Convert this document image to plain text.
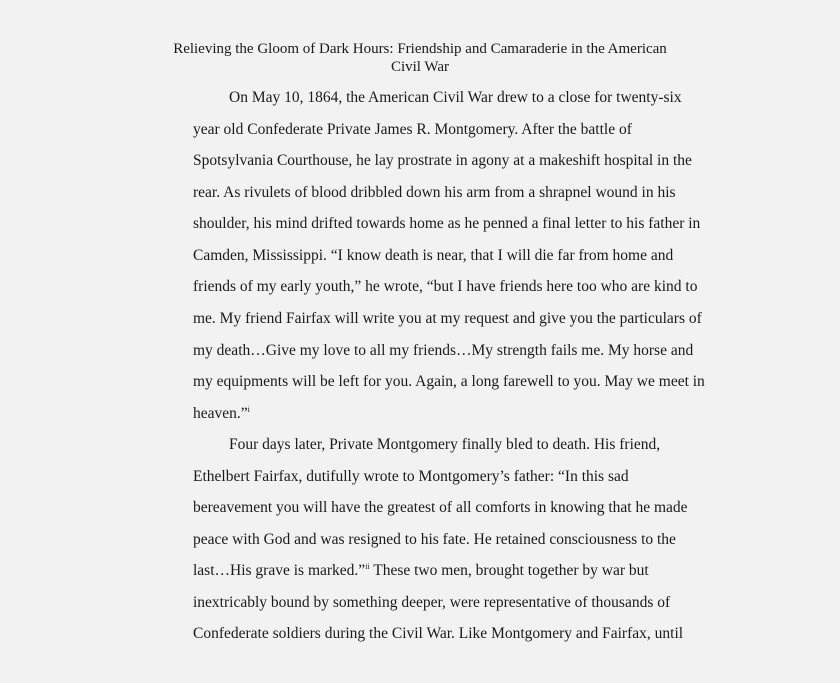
Relieving the Gloom of Dark Hours: Friendship and Camaraderie in the American
Civil War
On May 10, 1864, the American Civil War drew to a close for twenty-six
year old Confederate Private James R. Montgomery. After the battle of
Spotsylvania Courthouse, he lay prostrate in agony at a makeshift hospital in the
rear. As rivulets of blood dribbled down his arm from a shrapnel wound in his
shoulder, his mind drifted towards home as he penned a final letter to his father in
Camden, Mississippi. “I know death is near, that I will die far from home and
friends of my early youth,” he wrote, “but I have friends here too who are kind to
me. My friend Fairfax will write you at my request and give you the particulars of
my death…Give my love to all my friends…My strength fails me. My horse and
my equipments will be left for you. Again, a long farewell to you. May we meet in
heaven.”$^i$
Four days later, Private Montgomery finally bled to death. His friend,
Ethelbert Fairfax, dutifully wrote to Montgomery’s father: “In this sad
bereavement you will have the greatest of all comforts in knowing that he made
peace with God and was resigned to his fate. He retained consciousness to the
last…His grave is marked.”$^{ii}$ These two men, brought together by war but
inextricably bound by something deeper, were representative of thousands of
Confederate soldiers during the Civil War. Like Montgomery and Fairfax, until
